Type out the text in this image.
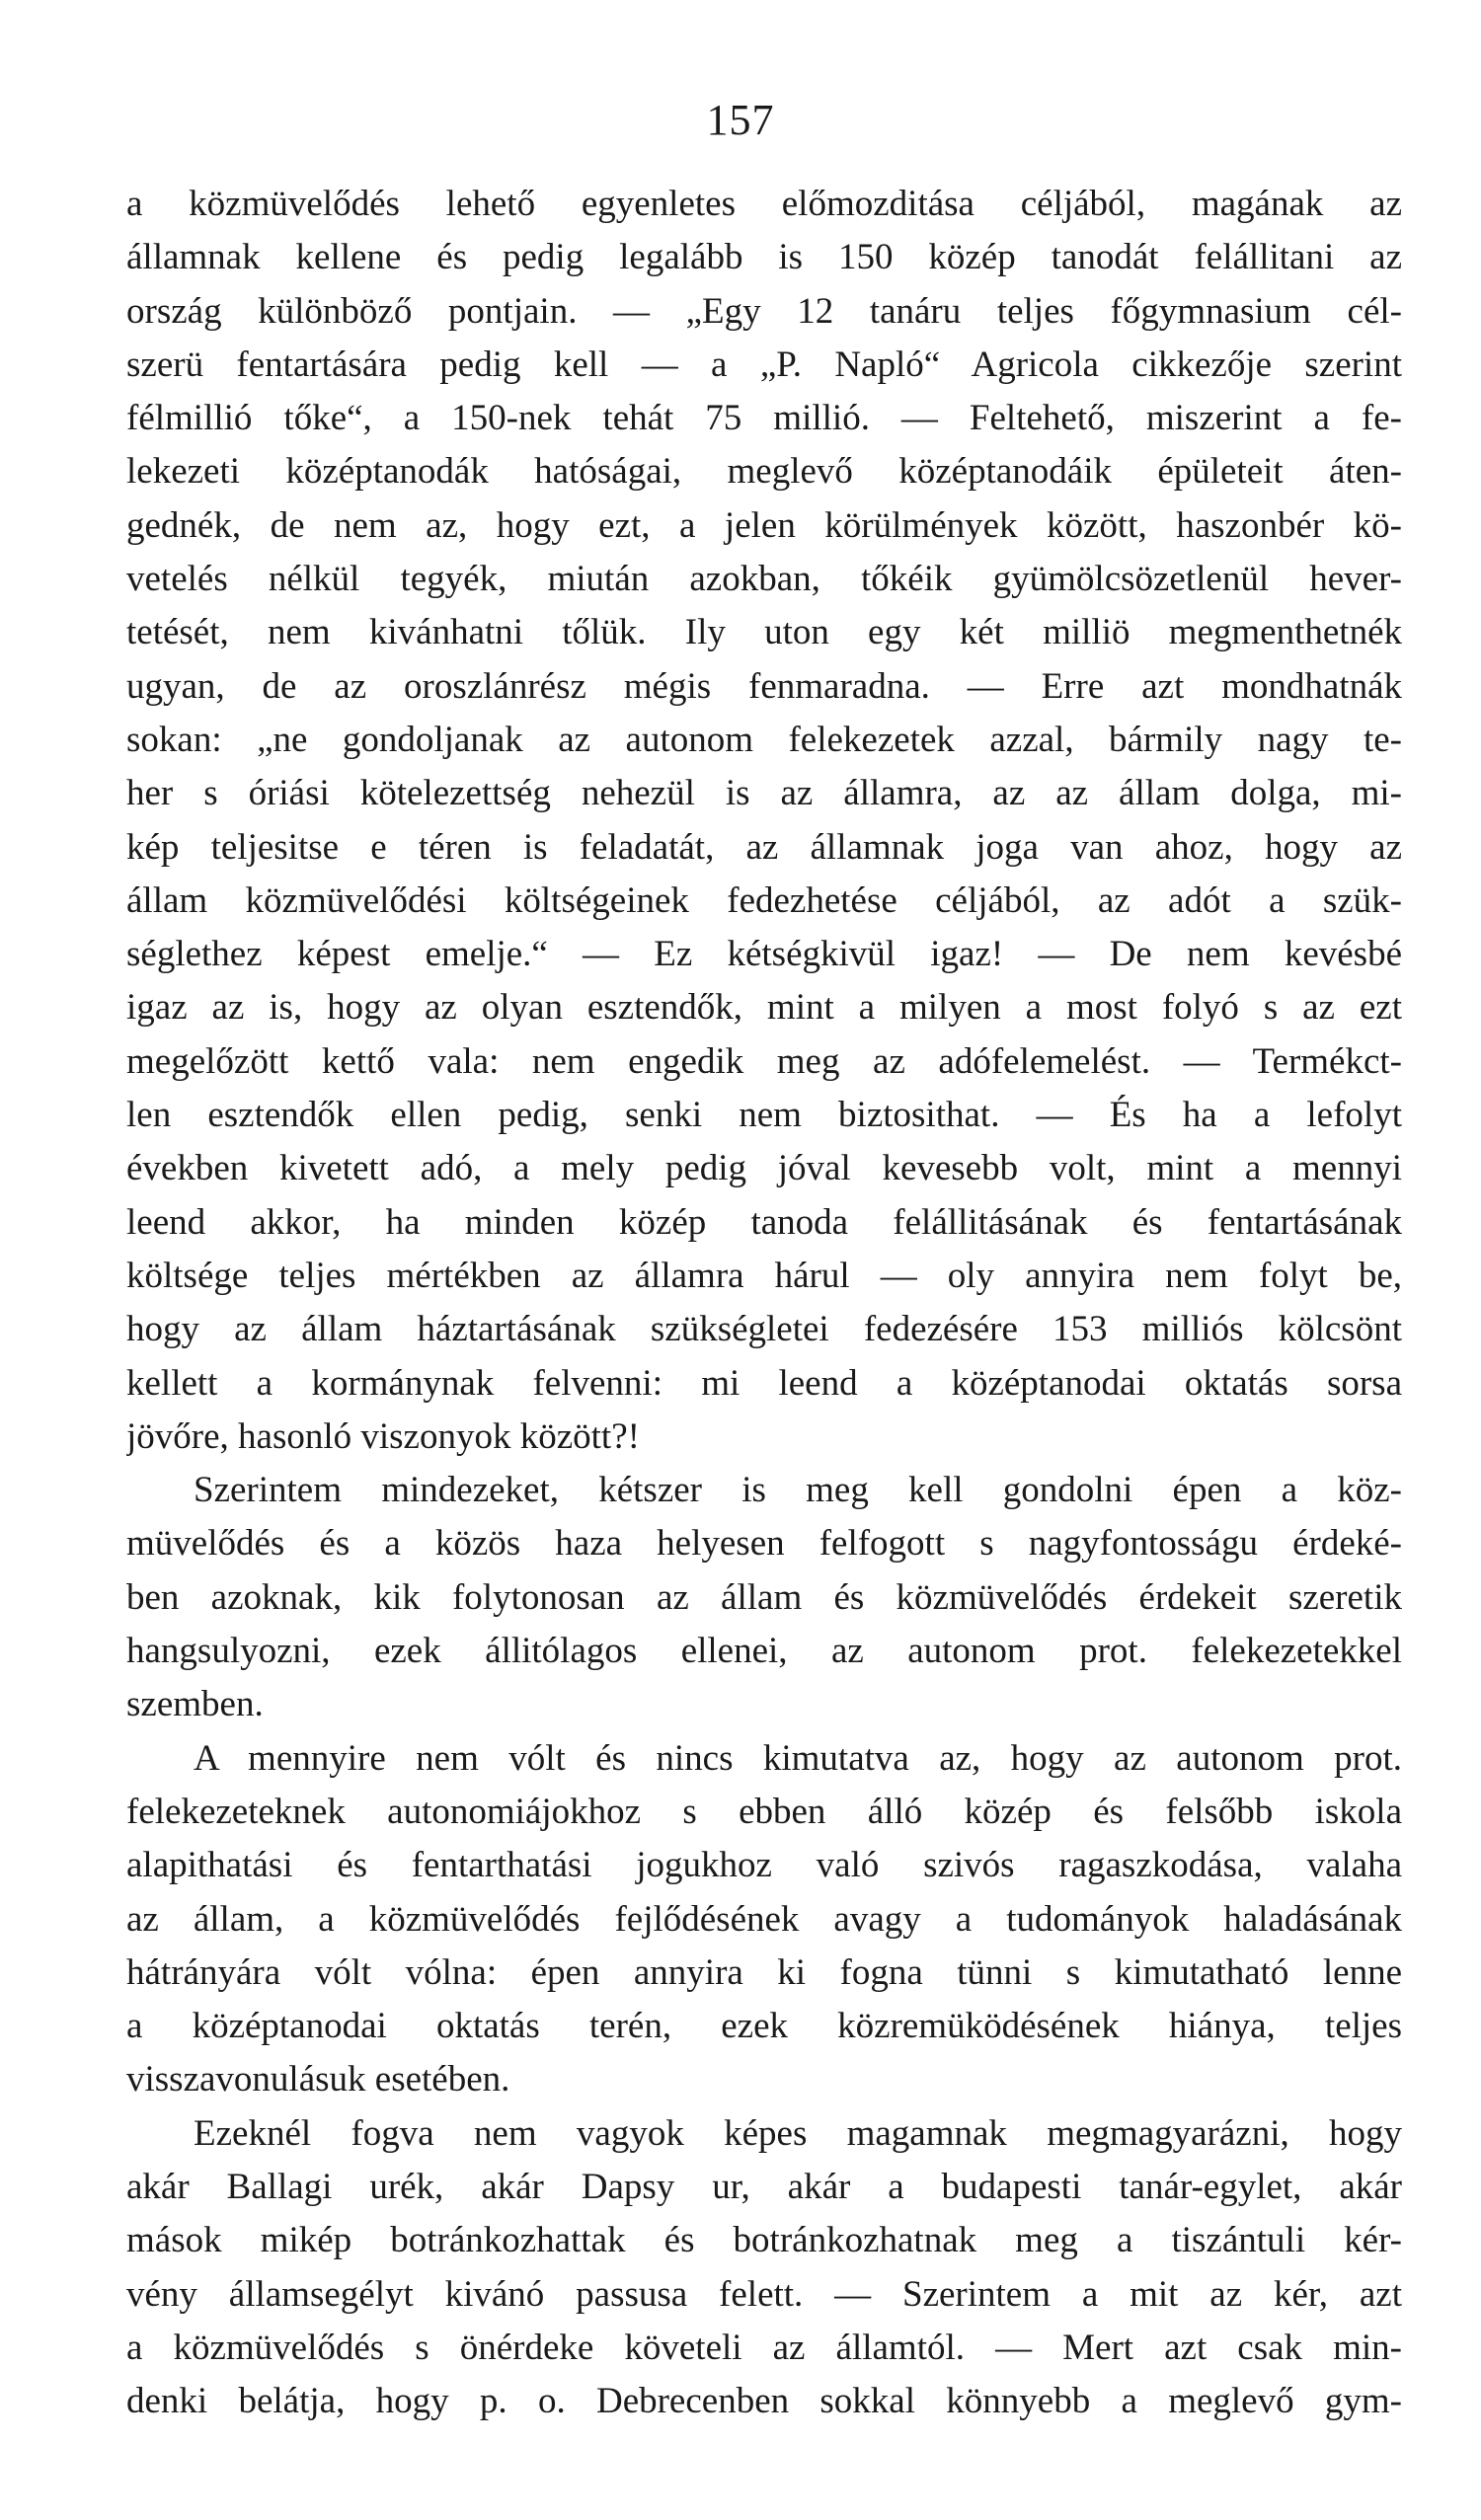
157
a közmüvelődés lehető egyenletes előmozditása céljából, magának az
államnak kellene és pedig legalább is 150 közép tanodát felállitani az
ország különböző pontjain. — „Egy 12 tanáru teljes főgymnasium cél-
szerü fentartására pedig kell — a „P. Napló“ Agricola cikkezője szerint
félmillió tőke“, a 150-nek tehát 75 millió. — Feltehető, miszerint a fe-
lekezeti középtanodák hatóságai, meglevő középtanodáik épületeit áten-
gednék, de nem az, hogy ezt, a jelen körülmények között, haszonbér kö-
vetelés nélkül tegyék, miután azokban, tőkéik gyümölcsözetlenül hever-
tetését, nem kivánhatni tőlük. Ily uton egy két milliö megmenthetnék
ugyan, de az oroszlánrész mégis fenmaradna. — Erre azt mondhatnák
sokan: „ne gondoljanak az autonom felekezetek azzal, bármily nagy te-
her s óriási kötelezettség nehezül is az államra, az az állam dolga, mi-
kép teljesitse e téren is feladatát, az államnak joga van ahoz, hogy az
állam közmüvelődési költségeinek fedezhetése céljából, az adót a szük-
séglethez képest emelje.“ — Ez kétségkivül igaz! — De nem kevésbé
igaz az is, hogy az olyan esztendők, mint a milyen a most folyó s az ezt
megelőzött kettő vala: nem engedik meg az adófelemelést. — Termékct-
len esztendők ellen pedig, senki nem biztosithat. — És ha a lefolyt
években kivetett adó, a mely pedig jóval kevesebb volt, mint a mennyi
leend akkor, ha minden közép tanoda felállitásának és fentartásának
költsége teljes mértékben az államra hárul — oly annyira nem folyt be,
hogy az állam háztartásának szükségletei fedezésére 153 milliós kölcsönt
kellett a kormánynak felvenni: mi leend a középtanodai oktatás sorsa
jövőre, hasonló viszonyok között?!
Szerintem mindezeket, kétszer is meg kell gondolni épen a köz-
müvelődés és a közös haza helyesen felfogott s nagyfontosságu érdeké-
ben azoknak, kik folytonosan az állam és közmüvelődés érdekeit szeretik
hangsulyozni, ezek állitólagos ellenei, az autonom prot. felekezetekkel
szemben.
A mennyire nem vólt és nincs kimutatva az, hogy az autonom prot.
felekezeteknek autonomiájokhoz s ebben álló közép és felsőbb iskola
alapithatási és fentarthatási jogukhoz való szivós ragaszkodása, valaha
az állam, a közmüvelődés fejlődésének avagy a tudományok haladásának
hátrányára vólt vólna: épen annyira ki fogna tünni s kimutatható lenne
a középtanodai oktatás terén, ezek közremüködésének hiánya, teljes
visszavonulásuk esetében.
Ezeknél fogva nem vagyok képes magamnak megmagyarázni, hogy
akár Ballagi urék, akár Dapsy ur, akár a budapesti tanár-egylet, akár
mások mikép botránkozhattak és botránkozhatnak meg a tiszántuli kér-
vény államsegélyt kivánó passusa felett. — Szerintem a mit az kér, azt
a közmüvelődés s önérdeke követeli az államtól. — Mert azt csak min-
denki belátja, hogy p. o. Debrecenben sokkal könnyebb a meglevő gym-
